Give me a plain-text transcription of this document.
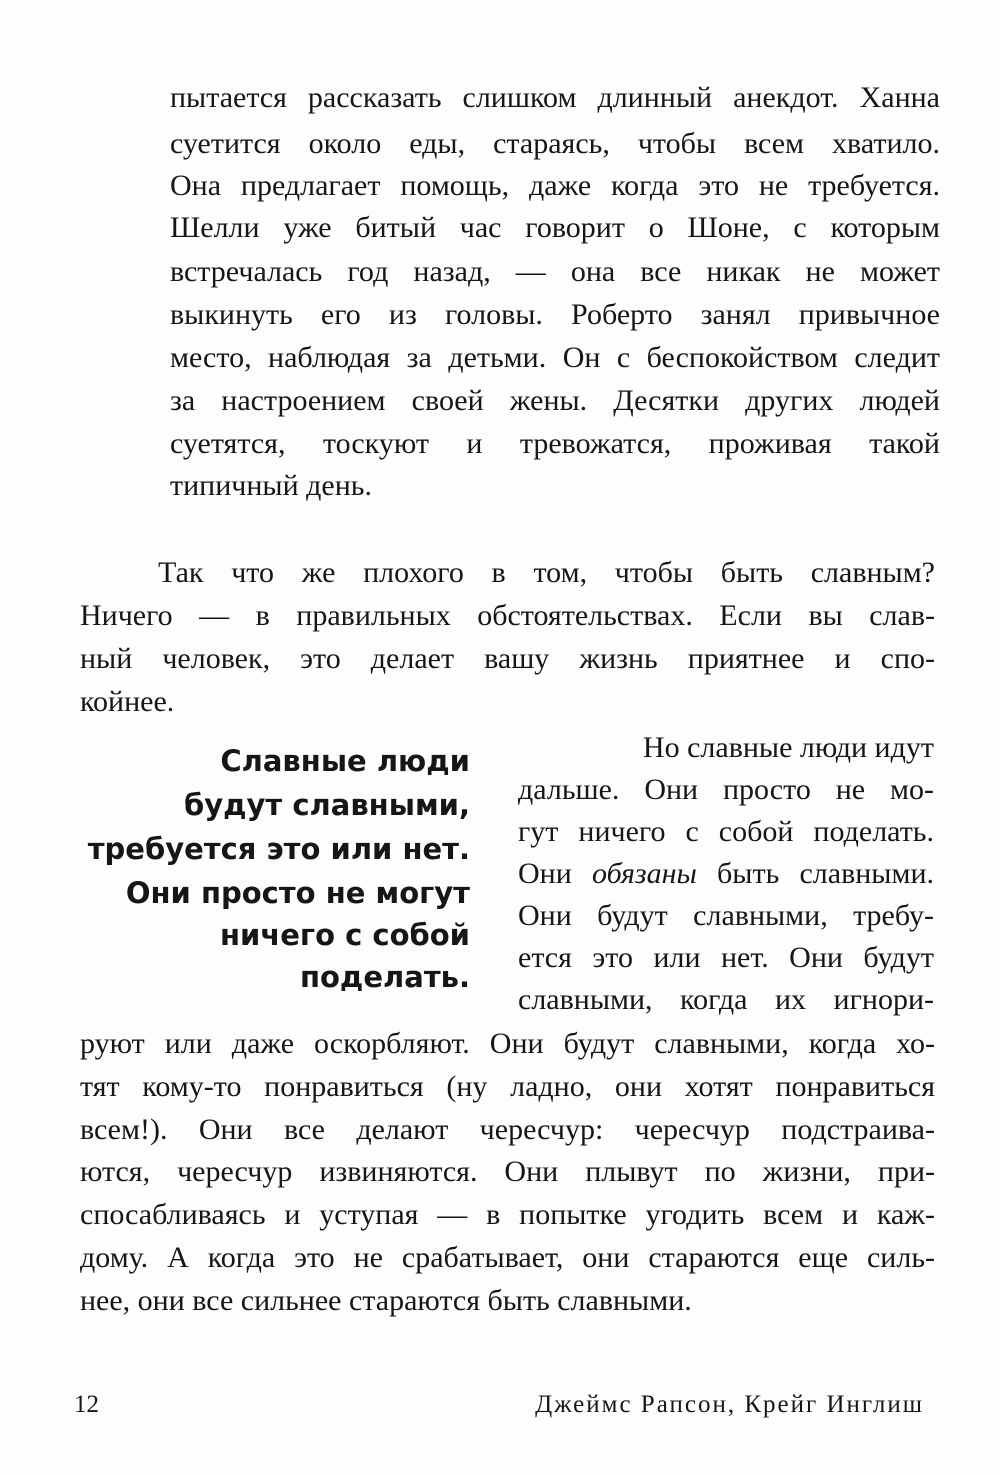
пытается рассказать слишком длинный анекдот. Ханна
суетится около еды, стараясь, чтобы всем хватило.
Она предлагает помощь, даже когда это не требуется.
Шелли уже битый час говорит о Шоне, с которым
встречалась год назад, — она все никак не может
выкинуть его из головы. Роберто занял привычное
место, наблюдая за детьми. Он с беспокойством следит
за настроением своей жены. Десятки других людей
суетятся, тоскуют и тревожатся, проживая такой
типичный день.
Так что же плохого в том, чтобы быть славным?
Ничего — в правильных обстоятельствах. Если вы слав-
ный человек, это делает вашу жизнь приятнее и спо-
койнее.
Славные люди
будут славными,
требуется это или нет.
Они просто не могут
ничего с собой
поделать.
Но славные люди идут
дальше. Они просто не мо-
гут ничего с собой поделать.
Они обязаны быть славными.
Они будут славными, требу-
ется это или нет. Они будут
славными, когда их игнори-
руют или даже оскорбляют. Они будут славными, когда хо-
тят кому-то понравиться (ну ладно, они хотят понравиться
всем!). Они все делают чересчур: чересчур подстраива-
ются, чересчур извиняются. Они плывут по жизни, при-
спосабливаясь и уступая — в попытке угодить всем и каж-
дому. А когда это не срабатывает, они стараются еще силь-
нее, они все сильнее стараются быть славными.
12	Джеймс Рапсон, Крейг Инглиш
